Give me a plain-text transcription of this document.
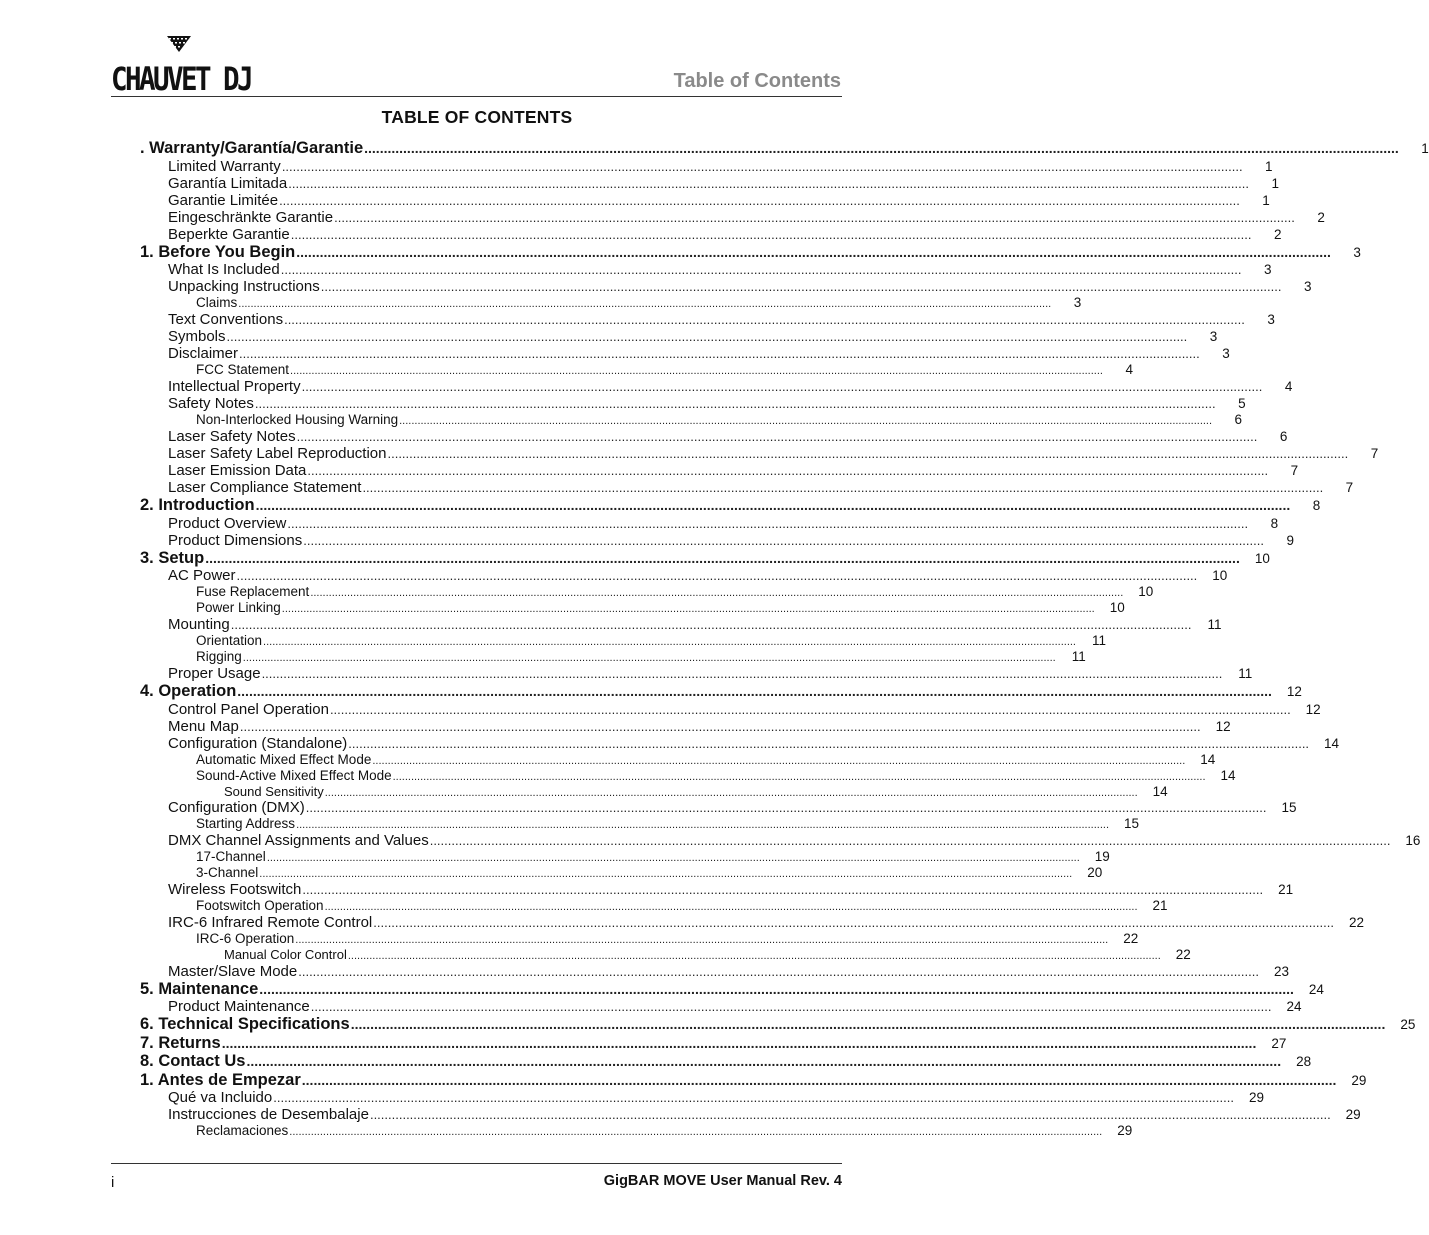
CHAUVET DJ	Table of Contents
TABLE OF CONTENTS
. Warranty/Garantía/Garantie .....	1
Limited Warranty .....	1
Garantía Limitada .....	1
Garantie Limitée .....	1
Eingeschränkte Garantie .....	2
Beperkte Garantie .....	2
1. Before You Begin .....	3
What Is Included .....	3
Unpacking Instructions .....	3
Claims .....	3
Text Conventions .....	3
Symbols .....	3
Disclaimer .....	3
FCC Statement .....	4
Intellectual Property .....	4
Safety Notes .....	5
Non-Interlocked Housing Warning .....	6
Laser Safety Notes .....	6
Laser Safety Label Reproduction .....	7
Laser Emission Data .....	7
Laser Compliance Statement .....	7
2. Introduction .....	8
Product Overview .....	8
Product Dimensions .....	9
3. Setup .....	10
AC Power .....	10
Fuse Replacement .....	10
Power Linking .....	10
Mounting .....	11
Orientation .....	11
Rigging .....	11
Proper Usage .....	11
4. Operation .....	12
Control Panel Operation .....	12
Menu Map .....	12
Configuration (Standalone) .....	14
Automatic Mixed Effect Mode .....	14
Sound-Active Mixed Effect Mode .....	14
Sound Sensitivity .....	14
Configuration (DMX) .....	15
Starting Address .....	15
DMX Channel Assignments and Values .....	16
17-Channel .....	19
3-Channel .....	20
Wireless Footswitch .....	21
Footswitch Operation .....	21
IRC-6 Infrared Remote Control .....	22
IRC-6 Operation .....	22
Manual Color Control .....	22
Master/Slave Mode .....	23
5. Maintenance .....	24
Product Maintenance .....	24
6. Technical Specifications .....	25
7. Returns .....	27
8. Contact Us .....	28
1. Antes de Empezar .....	29
Qué va Incluido .....	29
Instrucciones de Desembalaje .....	29
Reclamaciones .....	29
i	GigBAR MOVE User Manual Rev. 4
